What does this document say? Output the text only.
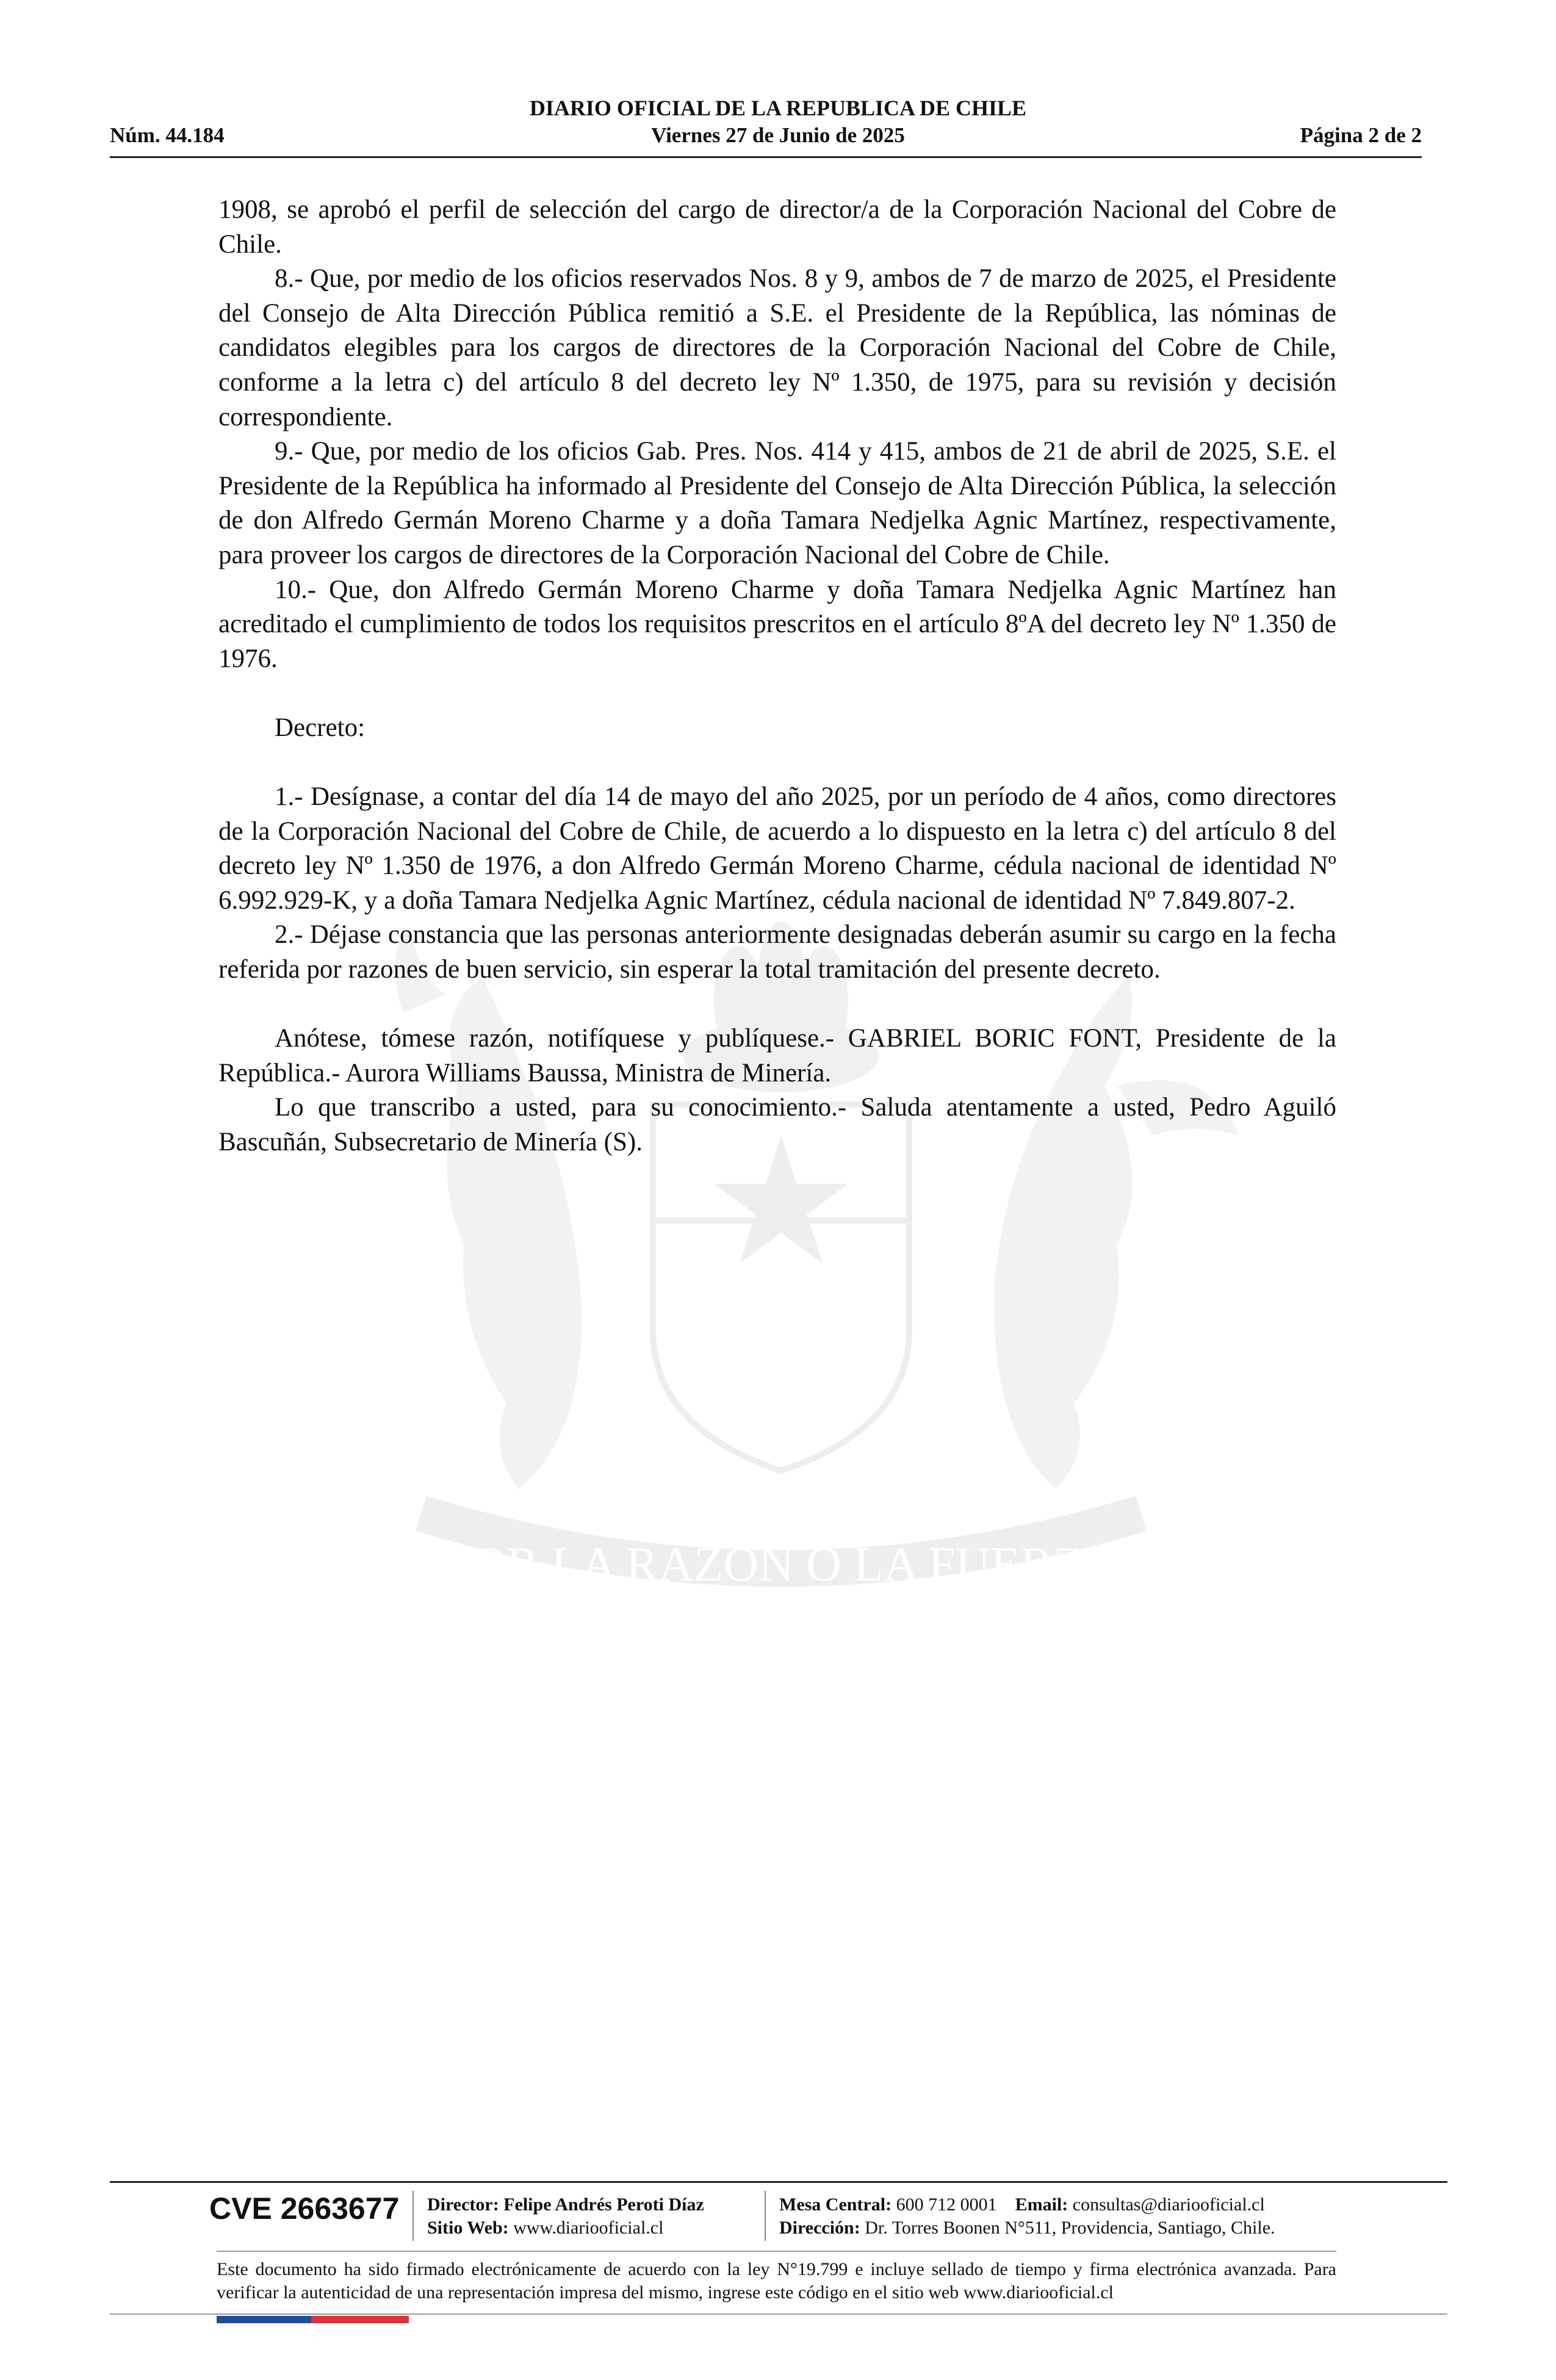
POR LA RAZON O LA FUERZA
DIARIO OFICIAL DE LA REPUBLICA DE CHILE
Núm. 44.184	Viernes 27 de Junio de 2025	Página 2 de 2

1908, se aprobó el perfil de selección del cargo de director/a de la Corporación Nacional del Cobre de Chile.

8.- Que, por medio de los oficios reservados Nos. 8 y 9, ambos de 7 de marzo de 2025, el Presidente del Consejo de Alta Dirección Pública remitió a S.E. el Presidente de la República, las nóminas de candidatos elegibles para los cargos de directores de la Corporación Nacional del Cobre de Chile, conforme a la letra c) del artículo 8 del decreto ley Nº 1.350, de 1975, para su revisión y decisión correspondiente.

9.- Que, por medio de los oficios Gab. Pres. Nos. 414 y 415, ambos de 21 de abril de 2025, S.E. el Presidente de la República ha informado al Presidente del Consejo de Alta Dirección Pública, la selección de don Alfredo Germán Moreno Charme y a doña Tamara Nedjelka Agnic Martínez, respectivamente, para proveer los cargos de directores de la Corporación Nacional del Cobre de Chile.

10.- Que, don Alfredo Germán Moreno Charme y doña Tamara Nedjelka Agnic Martínez han acreditado el cumplimiento de todos los requisitos prescritos en el artículo 8ºA del decreto ley Nº 1.350 de 1976.

Decreto:

1.- Desígnase, a contar del día 14 de mayo del año 2025, por un período de 4 años, como directores de la Corporación Nacional del Cobre de Chile, de acuerdo a lo dispuesto en la letra c) del artículo 8 del decreto ley Nº 1.350 de 1976, a don Alfredo Germán Moreno Charme, cédula nacional de identidad Nº 6.992.929-K, y a doña Tamara Nedjelka Agnic Martínez, cédula nacional de identidad Nº 7.849.807-2.

2.- Déjase constancia que las personas anteriormente designadas deberán asumir su cargo en la fecha referida por razones de buen servicio, sin esperar la total tramitación del presente decreto.

Anótese, tómese razón, notifíquese y publíquese.- GABRIEL BORIC FONT, Presidente de la República.- Aurora Williams Baussa, Ministra de Minería.

Lo que transcribo a usted, para su conocimiento.- Saluda atentamente a usted, Pedro Aguiló Bascuñán, Subsecretario de Minería (S).

CVE 2663677 Director: Felipe Andrés Peroti Díaz
Sitio Web: www.diariooficial.cl
Mesa Central: 600 712 0001 Email: consultas@diariooficial.cl
Dirección: Dr. Torres Boonen N°511, Providencia, Santiago, Chile.
Este documento ha sido firmado electrónicamente de acuerdo con la ley N°19.799 e incluye sellado de tiempo y firma electrónica avanzada. Para verificar la autenticidad de una representación impresa del mismo, ingrese este código en el sitio web www.diariooficial.cl
